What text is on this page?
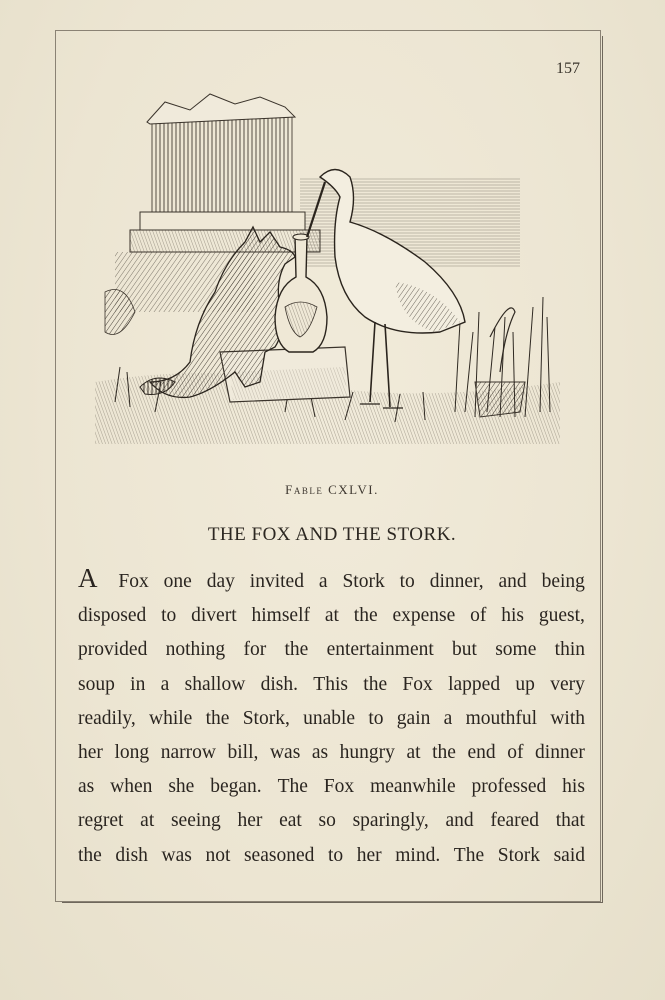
157
Fable CXLVI.
THE FOX AND THE STORK.
A Fox one day invited a Stork to dinner, and being
disposed to divert himself at the expense of his guest,
provided nothing for the entertainment but some thin
soup in a shallow dish. This the Fox lapped up very
readily, while the Stork, unable to gain a mouthful with
her long narrow bill, was as hungry at the end of dinner
as when she began. The Fox meanwhile professed his
regret at seeing her eat so sparingly, and feared that
the dish was not seasoned to her mind. The Stork said
